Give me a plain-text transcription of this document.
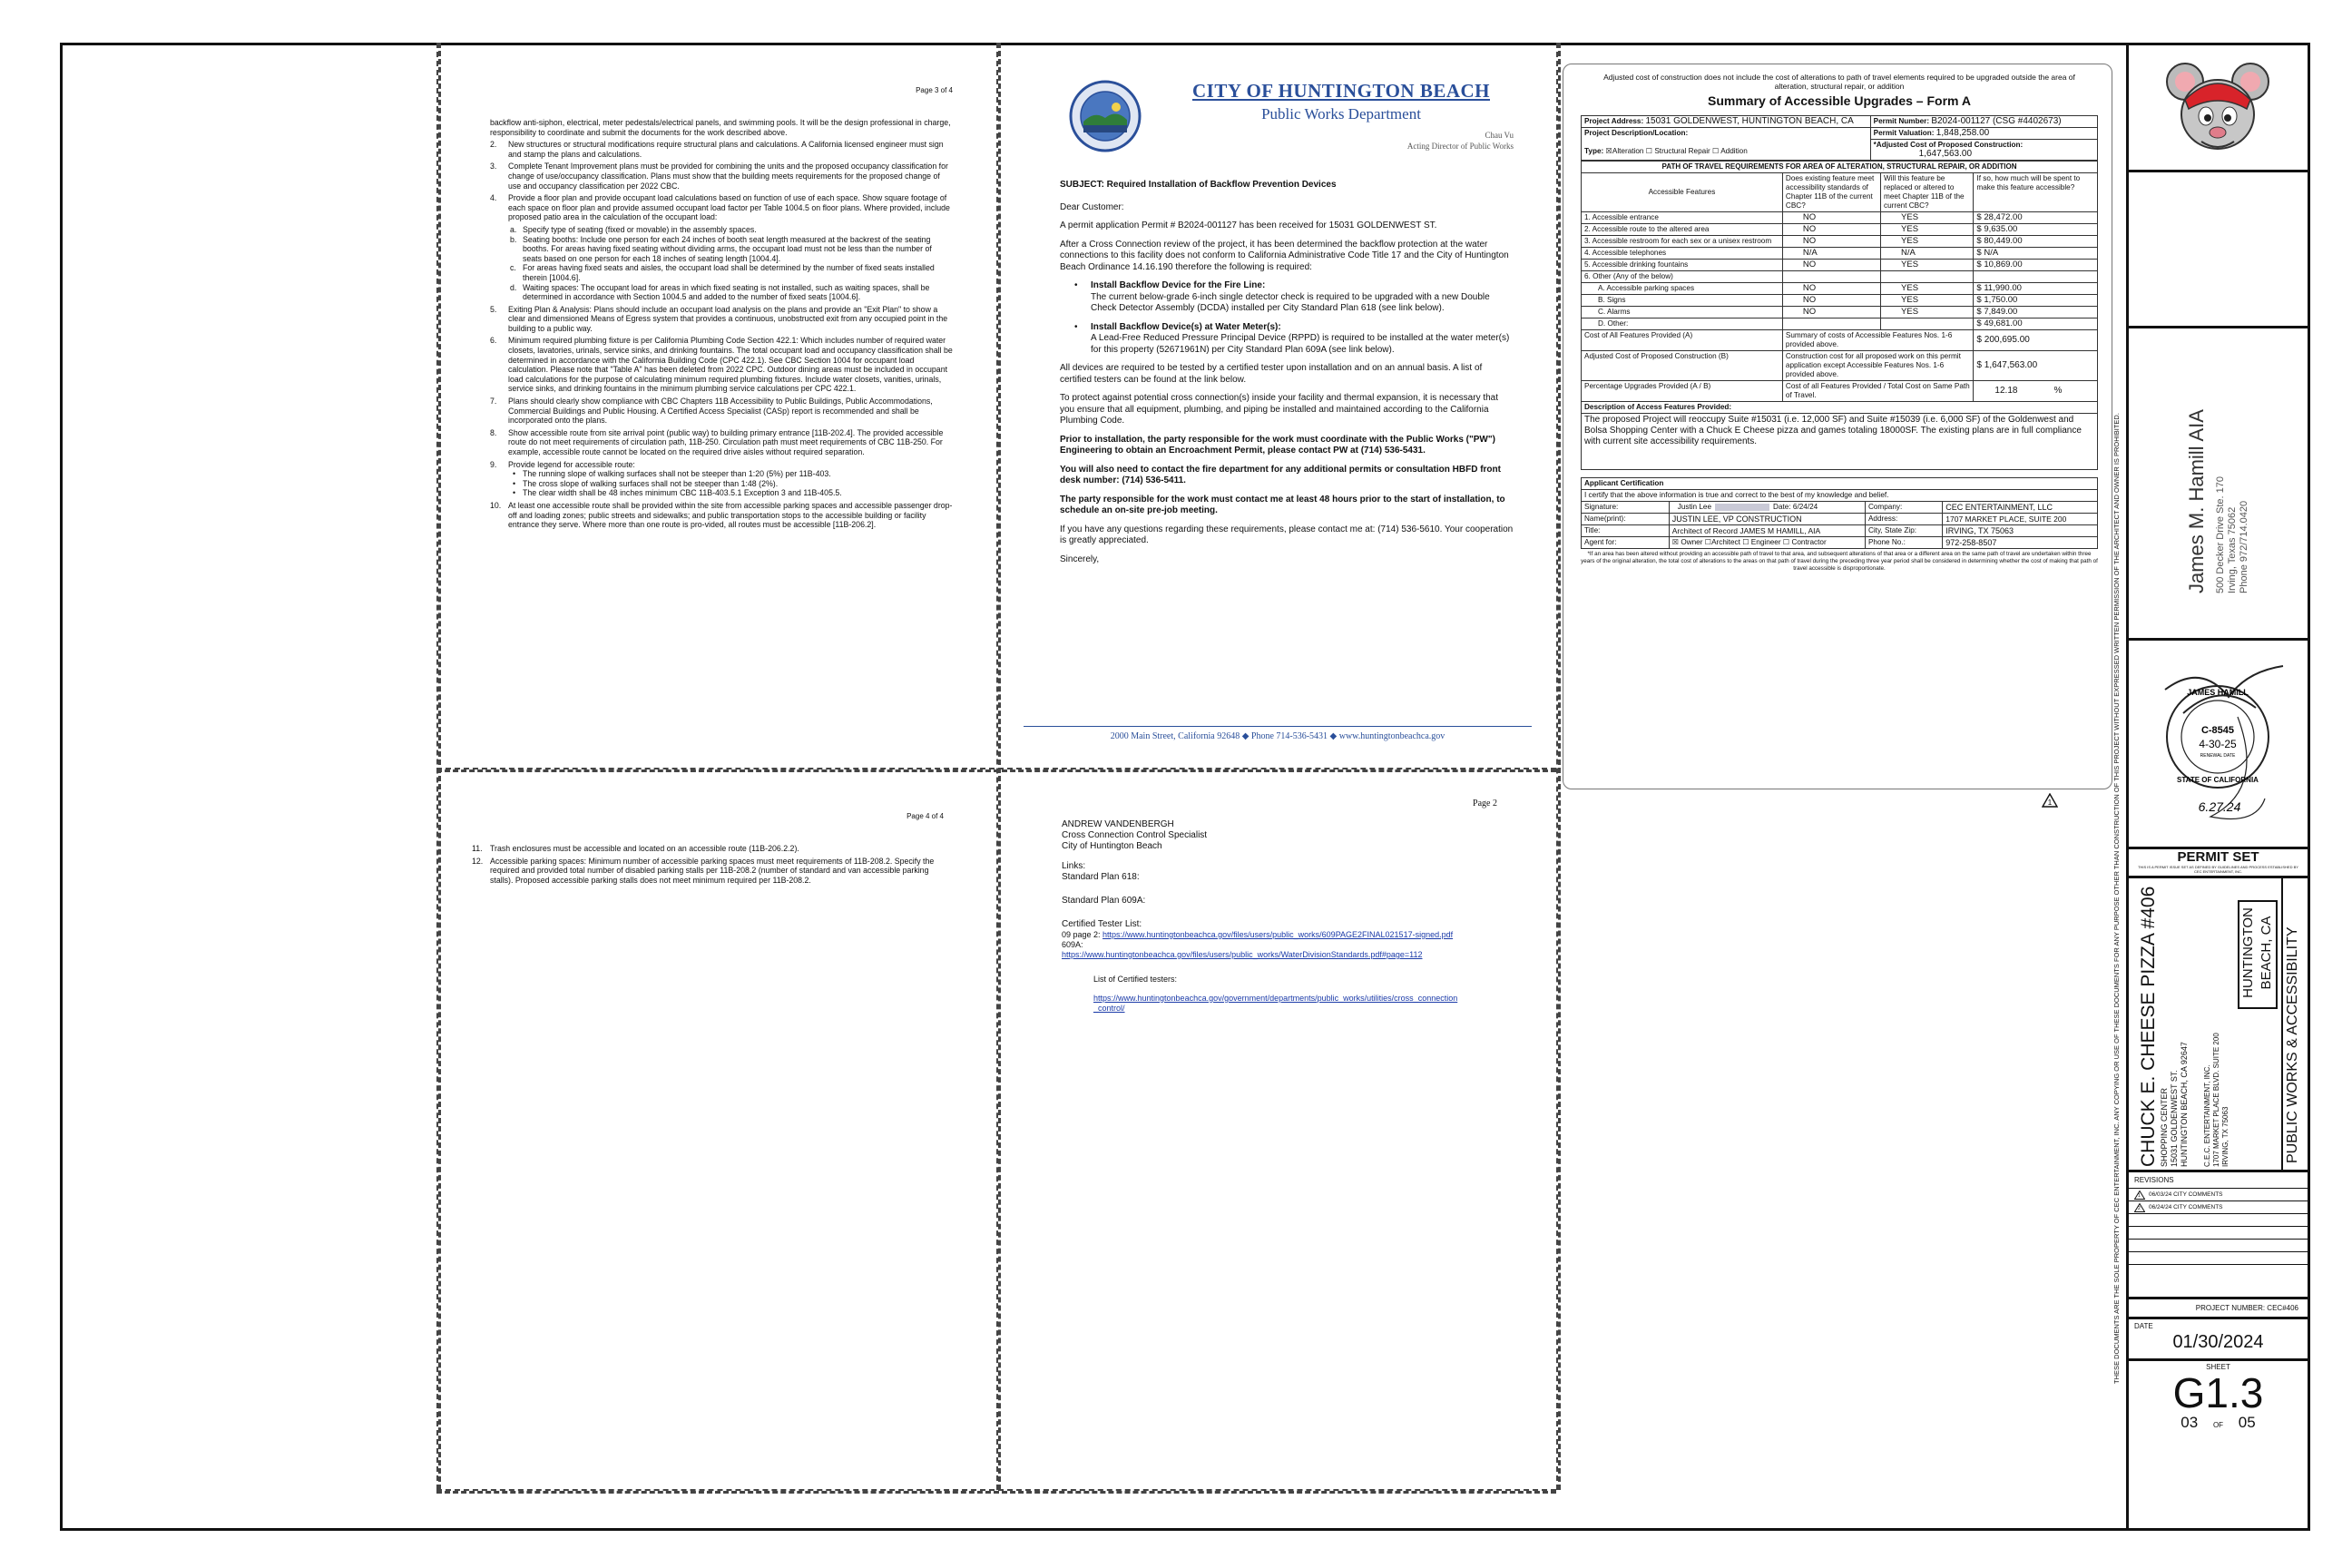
Page 3 of 4
backflow anti-siphon, electrical, meter pedestals/electrical panels, and swimming pools. It will be the design professional in charge, responsibility to coordinate and submit the documents for the work described above.
2. New structures or structural modifications require structural plans and calculations. A California licensed engineer must sign and stamp the plans and calculations.
3. Complete Tenant Improvement plans must be provided for combining the units and the proposed occupancy classification for change of use/occupancy classification. Plans must show that the building meets requirements for the proposed change of use and occupancy classification per 2022 CBC.
4. Provide a floor plan and provide occupant load calculations based on function of use of each space. Show square footage of each space on floor plan and provide assumed occupant load factor per Table 1004.5 on floor plans. Where provided, include proposed patio area in the calculation of the occupant load:
a. Specify type of seating (fixed or movable) in the assembly spaces.
b. Seating booths: Include one person for each 24 inches of booth seat length measured at the backrest of the seating booths. For areas having fixed seating without dividing arms, the occupant load must not be less than the number of seats based on one person for each 18 inches of seating length [1004.4].
c. For areas having fixed seats and aisles, the occupant load shall be determined by the number of fixed seats installed therein [1004.6].
d. Waiting spaces: The occupant load for areas in which fixed seating is not installed, such as waiting spaces, shall be determined in accordance with Section 1004.5 and added to the number of fixed seats [1004.6].
5. Exiting Plan & Analysis: Plans should include an occupant load analysis on the plans and provide an "Exit Plan" to show a clear and dimensioned Means of Egress system that provides a continuous, unobstructed exit from any occupied point in the building to a public way.
6. Minimum required plumbing fixture is per California Plumbing Code Section 422.1: Which includes number of required water closets, lavatories, urinals, service sinks, and drinking fountains. The total occupant load and occupancy classification shall be determined in accordance with the California Building Code (CPC 422.1). See CBC Section 1004 for occupant load calculation. Please note that "Table A" has been deleted from 2022 CPC. Outdoor dining areas must be included in occupant load calculations for the purpose of calculating minimum required plumbing fixtures. Include water closets, vanities, urinals, service sinks, and drinking fountains in the minimum plumbing service calculations per CPC 422.1.
7. Plans should clearly show compliance with CBC Chapters 11B Accessibility to Public Buildings, Public Accommodations, Commercial Buildings and Public Housing. A Certified Access Specialist (CASp) report is recommended and shall be incorporated onto the plans.
8. Show accessible route from site arrival point (public way) to building primary entrance [11B-202.4]. The provided accessible route do not meet requirements of circulation path, 11B-250. Circulation path must meet requirements of CBC 11B-250. For example, accessible route cannot be located on the required drive aisles without required separation.
9. Provide legend for accessible route:
• The running slope of walking surfaces shall not be steeper than 1:20 (5%) per 11B-403.
• The cross slope of walking surfaces shall not be steeper than 1:48 (2%).
• The clear width shall be 48 inches minimum CBC 11B-403.5.1 Exception 3 and 11B-405.5.
10. At least one accessible route shall be provided within the site from accessible parking spaces and accessible passenger drop-off and loading zones; public streets and sidewalks; and public transportation stops to the accessible building or facility entrance they serve. Where more than one route is pro-vided, all routes must be accessible [11B-206.2].
Page 4 of 4
11. Trash enclosures must be accessible and located on an accessible route (11B-206.2.2).
12. Accessible parking spaces: Minimum number of accessible parking spaces must meet requirements of 11B-208.2. Specify the required and provided total number of disabled parking stalls per 11B-208.2 (number of standard and van accessible parking stalls). Proposed accessible parking stalls does not meet minimum required per 11B-208.2.
CITY OF HUNTINGTON BEACH
Public Works Department
Chau Vu
Acting Director of Public Works

SUBJECT: Required Installation of Backflow Prevention Devices

Dear Customer:

A permit application Permit # B2024-001127 has been received for 15031 GOLDENWEST ST.

After a Cross Connection review of the project, it has been determined the backflow protection at the water connections to this facility does not conform to California Administrative Code Title 17 and the City of Huntington Beach Ordinance 14.16.190 therefore the following is required:

• Install Backflow Device for the Fire Line:

The current below-grade 6-inch single detector check is required to be upgraded with a new Double Check Detector Assembly (DCDA) installed per City Standard Plan 618 (see link below).

• Install Backflow Device(s) at Water Meter(s):

A Lead-Free Reduced Pressure Principal Device (RPPD) is required to be installed at the water meter(s) for this property (52671961N) per City Standard Plan 609A (see link below).

All devices are required to be tested by a certified tester upon installation and on an annual basis. A list of certified testers can be found at the link below.

To protect against potential cross connection(s) inside your facility and thermal expansion, it is necessary that you ensure that all equipment, plumbing, and piping be installed and maintained according to the California Plumbing Code.

Prior to installation, the party responsible for the work must coordinate with the Public Works ("PW") Engineering to obtain an Encroachment Permit, please contact PW at (714) 536-5431.

You will also need to contact the fire department for any additional permits or consultation HBFD front desk number: (714) 536-5411.

The party responsible for the work must contact me at least 48 hours prior to the start of installation, to schedule an on-site pre-job meeting.

If you have any questions regarding these requirements, please contact me at: (714) 536-5610. Your cooperation is greatly appreciated.

Sincerely,

2000 Main Street, California 92648 ◆ Phone 714-536-5431 ◆ www.huntingtonbeachca.gov
Page 2
ANDREW VANDENBERGH
Cross Connection Control Specialist
City of Huntington Beach
Links:
Standard Plan 618:
Standard Plan 609A:
Certified Tester List:
09 page 2: https://www.huntingtonbeachca.gov/files/users/public_works/609PAGE2FINAL021517-signed.pdf
609A:
https://www.huntingtonbeachca.gov/files/users/public_works/WaterDivisionStandards.pdf#page=112
List of Certified testers:
https://www.huntingtonbeachca.gov/government/departments/public_works/utilities/cross_connection_control/
Adjusted cost of construction does not include the cost of alterations to path of travel elements required to be upgraded outside the area of alteration, structural repair, or addition
Summary of Accessible Upgrades – Form A
Project Address: 15031 GOLDENWEST, HUNTINGTON BEACH, CA	Permit Number: B2024-001127 (CSG #4402673)
Project Description/Location:

Type: ☒Alteration ☐ Structural Repair ☐ Addition	Permit Valuation: 1,848,258.00
	*Adjusted Cost of Proposed Construction:
1,647,563.00
PATH OF TRAVEL REQUIREMENTS FOR AREA OF ALTERATION, STRUCTURAL REPAIR, OR ADDITION			
Accessible Features	Does existing feature meet accessibility standards of Chapter 11B of the current CBC?	Will this feature be replaced or altered to meet Chapter 11B of the current CBC?	If so, how much will be spent to make this feature accessible?
1. Accessible entrance	NO	YES	$ 28,472.00
2. Accessible route to the altered area	NO	YES	$ 9,635.00
3. Accessible restroom for each sex or a unisex restroom	NO	YES	$ 80,449.00
4. Accessible telephones	N/A	N/A	$ N/A
5. Accessible drinking fountains	NO	YES	$ 10,869.00
6. Other (Any of the below)			
A. Accessible parking spaces	NO	YES	$ 11,990.00
B. Signs	NO	YES	$ 1,750.00
C. Alarms	NO	YES	$ 7,849.00
D. Other:			$ 49,681.00
Cost of All Features Provided (A)	Summary of costs of Accessible Features Nos. 1-6 provided above.		$ 200,695.00
Adjusted Cost of Proposed Construction (B)	Construction cost for all proposed work on this permit application except Accessible Features Nos. 1-6 provided above.		$ 1,647,563.00
Percentage Upgrades Provided (A / B)	Cost of all Features Provided / Total Cost on Same Path of Travel.		12.18 %
Description of Access Features Provided:			
The proposed Project will reoccupy Suite #15031 (i.e. 12,000 SF) and Suite #15039 (i.e. 6,000 SF) of the Goldenwest and Bolsa Shopping Center with a Chuck E Cheese pizza and games totaling 18000SF. The existing plans are in full compliance with current site accessibility requirements.			
Applicant Certification			
I certify that the above information is true and correct to the best of my knowledge and belief.			
Signature:	Justin Lee Date: 6/24/24	Company:	CEC ENTERTAINMENT, LLC
Name(print):	JUSTIN LEE, VP CONSTRUCTION	Address:	1707 MARKET PLACE, SUITE 200
Title:	Architect of Record JAMES M HAMILL, AIA	City, State Zip:	IRVING, TX 75063
Agent for:	☒ Owner ☐Architect ☐ Engineer ☐ Contractor	Phone No.:	972-258-8507
*If an area has been altered without providing an accessible path of travel to that area, and subsequent alterations of that area or a different area on the same path of travel are undertaken within three years of the original alteration, the total cost of alterations to the areas on that path of travel during the preceding three year period shall be considered in determining whether the cost of making that path of travel accessible is disproportionate.
1	THESE DOCUMENTS ARE THE SOLE PROPERTY OF CEC ENTERTAINMENT, INC. ANY COPYING OR USE OF THESE DOCUMENTS FOR ANY PURPOSE OTHER THAN CONSTRUCTION OF THIS PROJECT WITHOUT EXPRESSED WRITTEN PERMISSION OF THE ARCHITECT AND OWNER IS PROHIBITED.	James M. Hamill AIA 500 Decker Drive Ste. 170 Irving, Texas 75062 Phone 972/714.0420
JAMES HAMILL
C-8545
4-30-25
RENEWAL DATE
STATE OF CALIFORNIA
6.27.24
PERMIT SET
THIS IS A PERMIT ISSUE SET AS DEFINED BY GUIDELINES AND PROCESS ESTABLISHED BY CEC ENTERTAINMENT, INC.
CHUCK E. CHEESE PIZZA #406 SHOPPING CENTER 15031 GOLDENWEST ST. HUNTINGTON BEACH, CA 92647 C.E.C. ENTERTAINMENT, INC. 1707 MARKET PLACE BLVD. SUITE 200 IRVING, TX 75063
HUNTINGTON BEACH, CA PUBLIC WORKS & ACCESSIBILITY
REVISIONS
1 06/03/24 CITY COMMENTS
2 06/24/24 CITY COMMENTS
PROJECT NUMBER: CEC#406
DATE
01/30/2024
SHEET
G1.3
03 OF 05
